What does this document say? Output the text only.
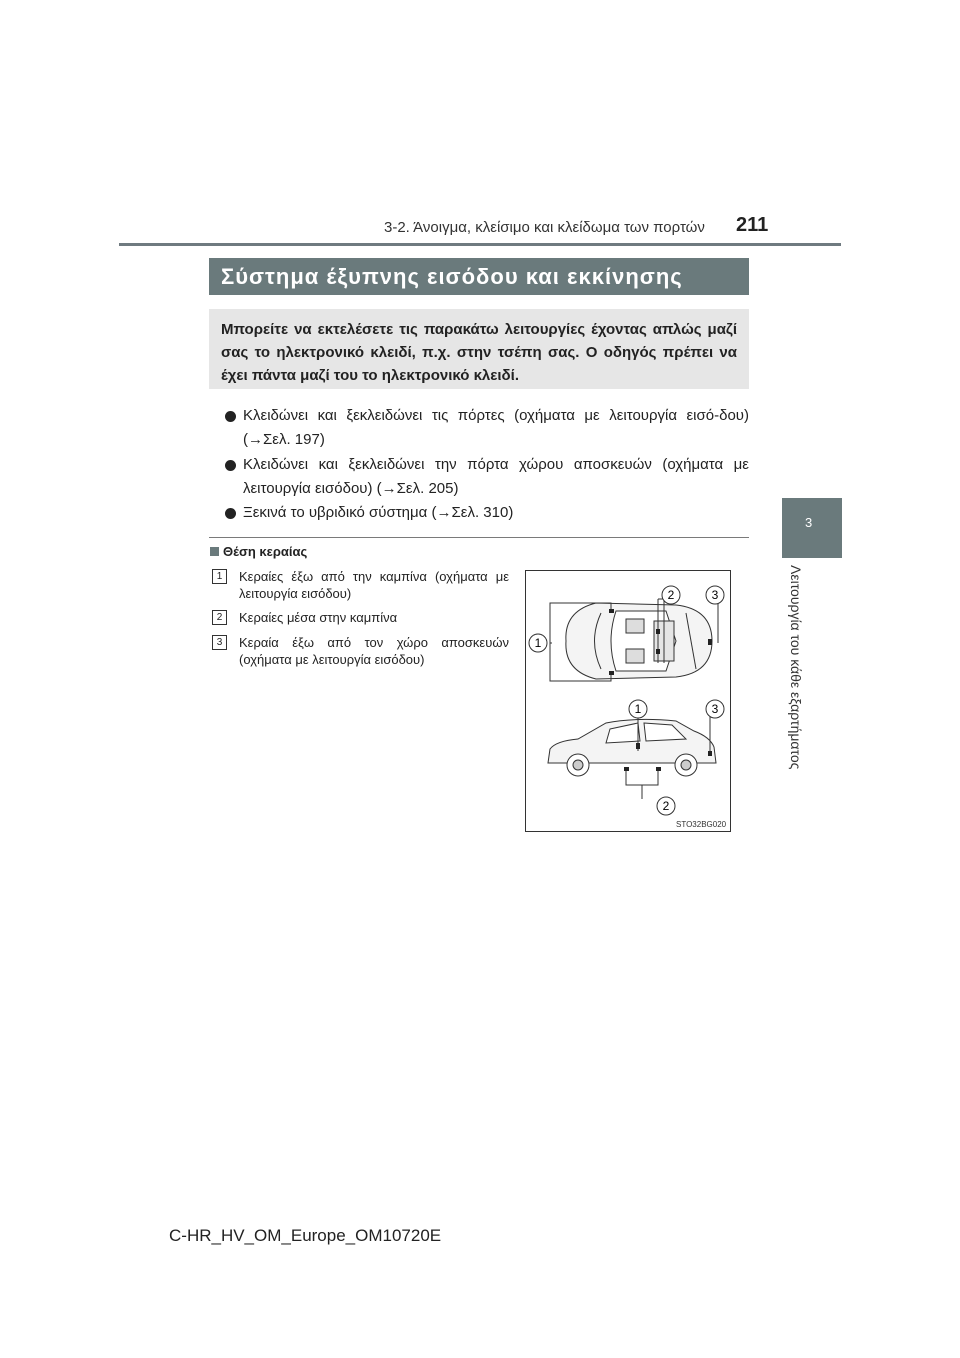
3-2. Άνοιγμα, κλείσιμο και κλείδωμα των πορτών 211
3
Λειτουργία του κάθε εξαρτήματος
Σύστημα έξυπνης εισόδου και εκκίνησης

Μπορείτε να εκτελέσετε τις παρακάτω λειτουργίες έχοντας απλώς μαζί σας το ηλεκτρονικό κλειδί, π.χ. στην τσέπη σας. Ο οδηγός πρέπει να έχει πάντα μαζί του το ηλεκτρονικό κλειδί.

Κλειδώνει και ξεκλειδώνει τις πόρτες (οχήματα με λειτουργία εισό-δου) (→Σελ. 197)
Κλειδώνει και ξεκλειδώνει την πόρτα χώρου αποσκευών (οχήματα με λειτουργία εισόδου) (→Σελ. 205)
Ξεκινά το υβριδικό σύστημα (→Σελ. 310)
Θέση κεραίας
1	Κεραίες έξω από την καμπίνα (οχήματα με λειτουργία εισόδου)
2	Κεραίες μέσα στην καμπίνα
3	Κεραία έξω από τον χώρο αποσκευών (οχήματα με λειτουργία εισόδου)
1
2	3
1
2
3
STO32BG020
C-HR_HV_OM_Europe_OM10720E
